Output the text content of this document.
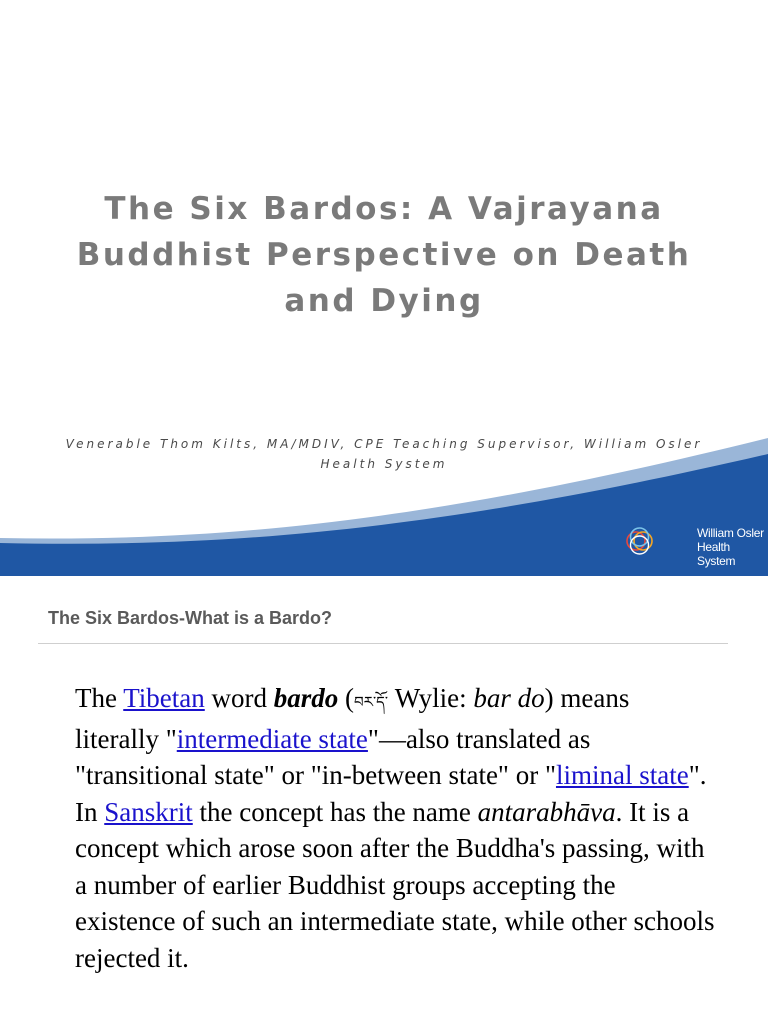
The Six Bardos: A Vajrayana Buddhist Perspective on Death and Dying

Venerable Thom Kilts, MA/MDIV, CPE Teaching Supervisor, William Osler Health System

William Osler
Health System
The Six Bardos-What is a Bardo?

The Tibetan word bardo (བར་དོ་ Wylie: bar do) means literally "intermediate state"—also translated as "transitional state" or "in-between state" or "liminal state". In Sanskrit the concept has the name antarabhāva. It is a concept which arose soon after the Buddha's passing, with a number of earlier Buddhist groups accepting the existence of such an intermediate state, while other schools rejected it.
